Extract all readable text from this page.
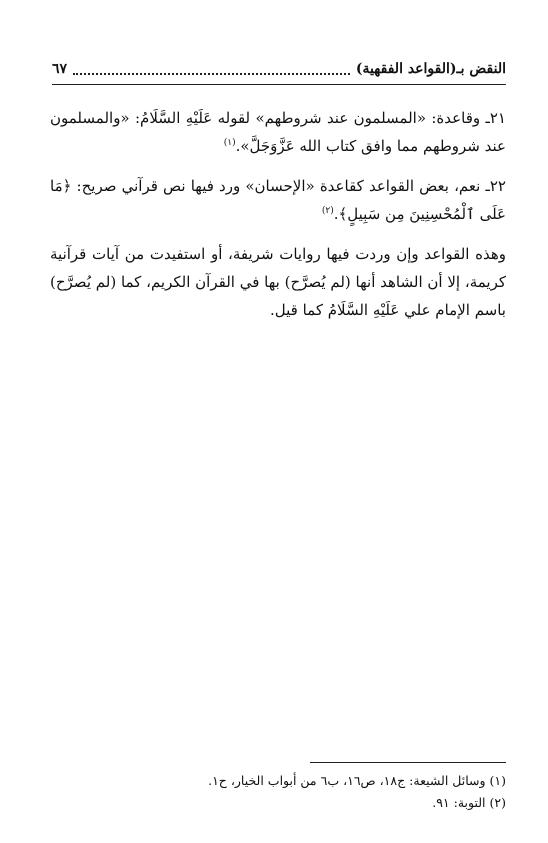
النقض بـ(القواعد الفقهية)
٦٧

٢١ـ وقاعدة: «المسلمون عند شروطهم» لقوله عَلَيْهِ السَّلَامُ: «والمسلمون عند شروطهم مما وافق كتاب الله عَزَّوَجَلَّ».$^{(١)}$

٢٢ـ نعم، بعض القواعد كقاعدة «الإحسان» ورد فيها نص قرآني صريح: ﴿مَا عَلَى ٱلْمُحْسِنِينَ مِن سَبِيلٍ﴾.$^{(٢)}$

وهذه القواعد وإن وردت فيها روايات شريفة، أو استفيدت من آيات قرآنية كريمة، إلا أن الشاهد أنها (لم يُصرَّح) بها في القرآن الكريم، كما (لم يُصرَّح) باسم الإمام علي عَلَيْهِ السَّلَامُ كما قيل.

(١) وسائل الشيعة: ج١٨، ص١٦، ب٦ من أبواب الخيار، ح١.
(٢) التوبة: ٩١.
